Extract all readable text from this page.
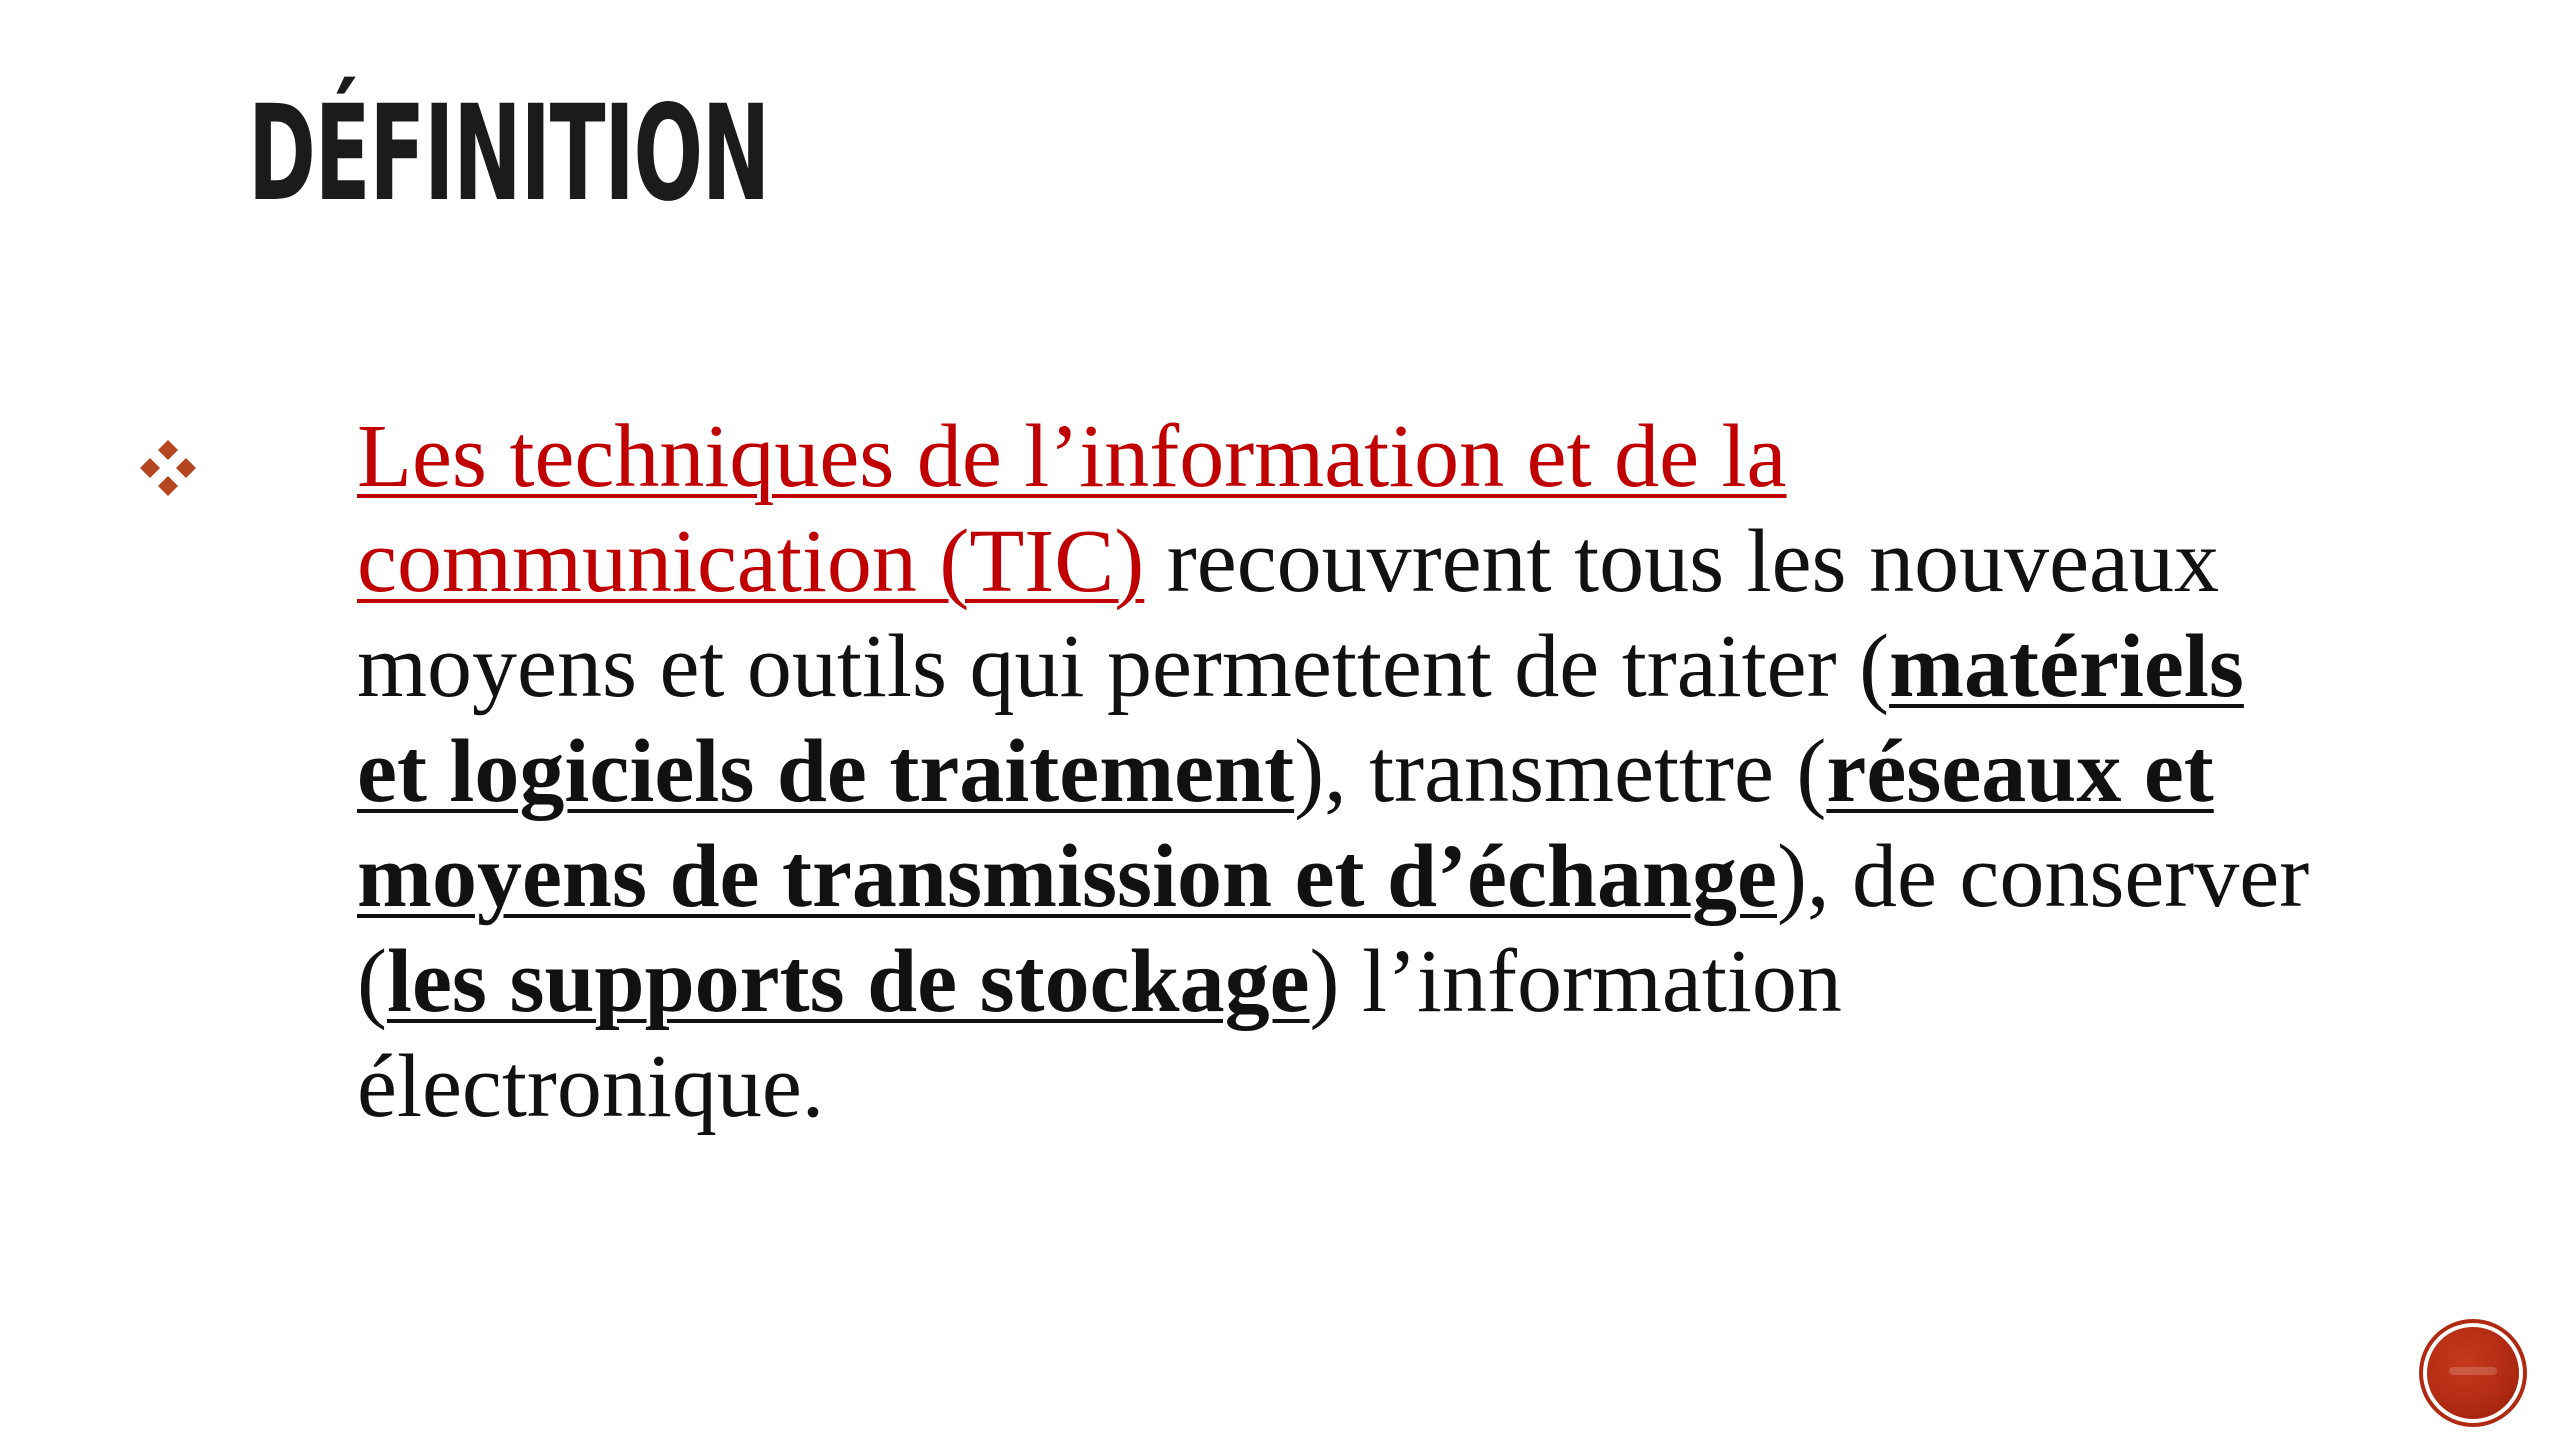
DÉFINITION

Les techniques de l’information et de la communication (TIC) recouvrent tous les nouveaux moyens et outils qui permettent de traiter (matériels et logiciels de traitement), transmettre (réseaux et moyens de transmission et d’échange), de conserver (les supports de stockage) l’information électronique.
